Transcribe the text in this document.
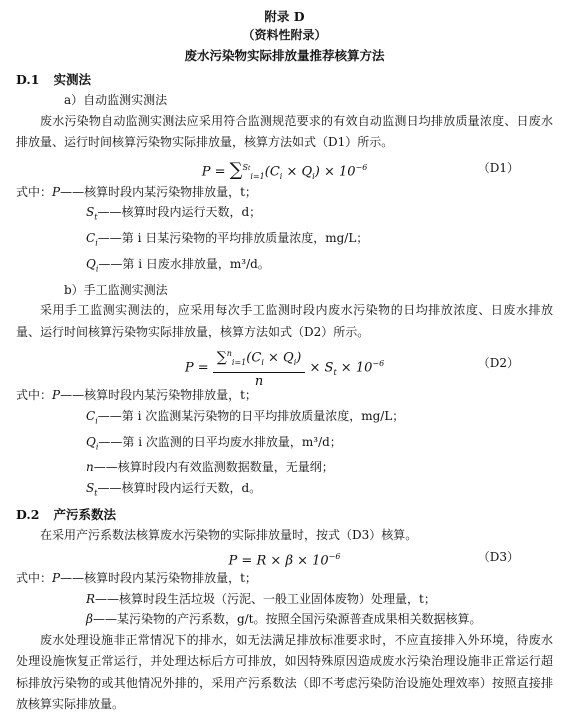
附录 D
（资料性附录）
废水污染物实际排放量推荐核算方法
D.1 实测法
a）自动监测实测法

废水污染物自动监测实测法应采用符合监测规范要求的有效自动监测日均排放质量浓度、日废水排放量、运行时间核算污染物实际排放量，核算方法如式（D1）所示。

$P = \sum^{St}_{i=1}(C_i \times Q_i) \times 10^{-6}$	（D1）
式中：P——核算时段内某污染物排放量，t；
$S_t——$核算时段内运行天数，d；
$C_i——$第 i 日某污染物的平均排放质量浓度，mg/L；
$Q_i——$第 i 日废水排放量，m³/d。
b）手工监测实测法

采用手工监测实测法的，应采用每次手工监测时段内废水污染物的日均排放浓度、日废水排放量、运行时间核算污染物实际排放量，核算方法如式（D2）所示。

$P = \frac{\sum^n_{i=1}(C_i \times Q_i)}{n} \times S_t \times 10^{-6}$	（D2）
式中：P——核算时段内某污染物排放量，t；
$C_i——$第 i 次监测某污染物的日平均排放质量浓度，mg/L；
$Q_i——$第 i 次监测的日平均废水排放量，m³/d；
n——核算时段内有效监测数据数量，无量纲；
$S_t——$核算时段内运行天数，d。
D.2 产污系数法

在采用产污系数法核算废水污染物的实际排放量时，按式（D3）核算。

$P = R \times \beta \times 10^{-6}$	（D3）
式中：P——核算时段内某污染物排放量，t；
R——核算时段生活垃圾（污泥、一般工业固体废物）处理量，t；
β——某污染物的产污系数，g/t。按照全国污染源普查成果相关数据核算。

废水处理设施非正常情况下的排水，如无法满足排放标准要求时，不应直接排入外环境，待废水处理设施恢复正常运行，并处理达标后方可排放，如因特殊原因造成废水污染治理设施非正常运行超标排放污染物的或其他情况外排的，采用产污系数法（即不考虑污染防治设施处理效率）按照直接排放核算实际排放量。
